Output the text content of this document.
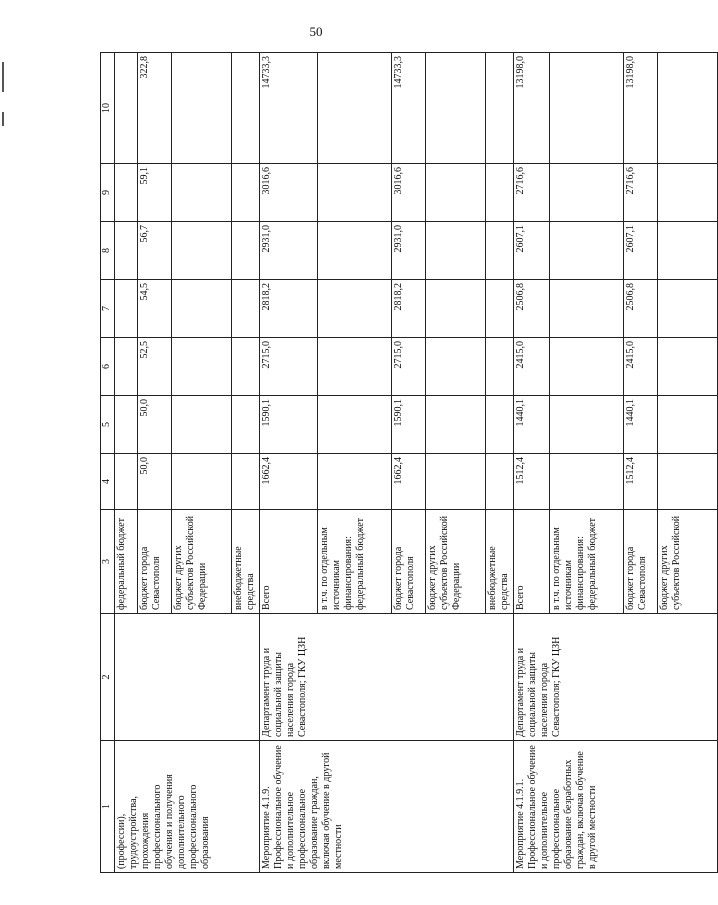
50
1	2	3	4	5	6	7	8	9	10
(профессии), трудоустройства, прохождения профессионального обучения и получения дополнительного профессионального образования		федеральный бюджет							
		бюджет города Севастополя	50,0	50,0	52,5	54,5	56,7	59,1	322,8
		бюджет других субъектов Российской Федерации							
		внебюджетные средства							
Мероприятие 4.1.9. Профессиональное обучение и дополнительное профессиональное образование граждан, включая обучение в другой местности	Департамент труда и социальной защиты населения города Севастополя; ГКУ ЦЗН	Всего	1662,4	1590,1	2715,0	2818,2	2931,0	3016,6	14733,3
		в т.ч. по отдельным источникам финансирования: федеральный бюджет							
		бюджет города Севастополя	1662,4	1590,1	2715,0	2818,2	2931,0	3016,6	14733,3
		бюджет других субъектов Российской Федерации							
		внебюджетные средства							
Мероприятие 4.1.9.1. Профессиональное обучение и дополнительное профессиональное образование безработных граждан, включая обучение в другой местности	Департамент труда и социальной защиты населения города Севастополя; ГКУ ЦЗН	Всего	1512,4	1440,1	2415,0	2506,8	2607,1	2716,6	13198,0
		в т.ч. по отдельным источникам финансирования: федеральный бюджет							
		бюджет города Севастополя	1512,4	1440,1	2415,0	2506,8	2607,1	2716,6	13198,0
		бюджет других субъектов Российской							
